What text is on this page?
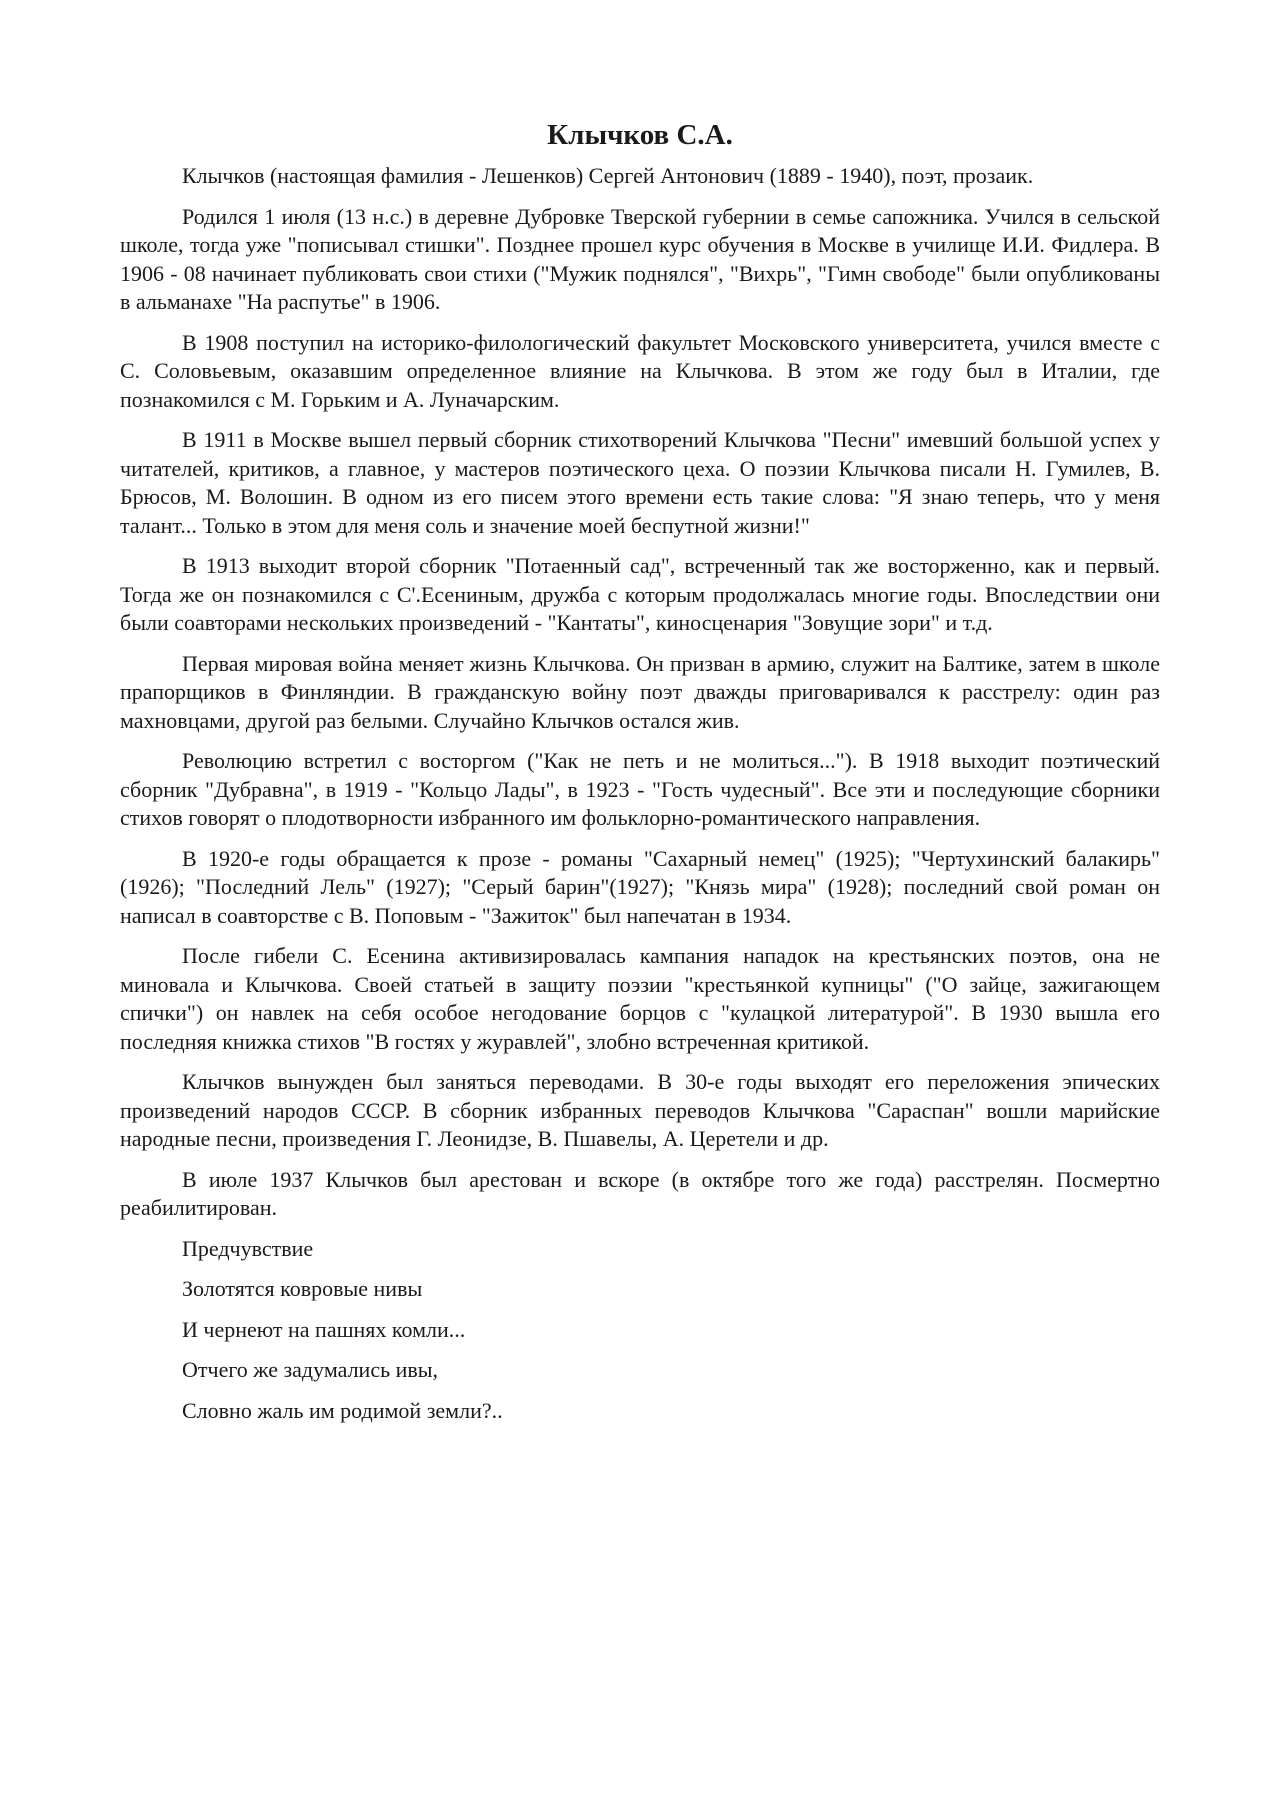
Клычков С.А.

Клычков (настоящая фамилия - Лешенков) Сергей Антонович (1889 - 1940), поэт, прозаик.

Родился 1 июля (13 н.с.) в деревне Дубровке Тверской губернии в семье сапожника. Учился в сельской школе, тогда уже "пописывал стишки". Позднее прошел курс обучения в Москве в училище И.И. Фидлера. В 1906 - 08 начинает публиковать свои стихи ("Мужик поднялся", "Вихрь", "Гимн свободе" были опубликованы в альманахе "На распутье" в 1906.

В 1908 поступил на историко-филологический факультет Московского университета, учился вместе с С. Соловьевым, оказавшим определенное влияние на Клычкова. В этом же году был в Италии, где познакомился с М. Горьким и А. Луначарским.

В 1911 в Москве вышел первый сборник стихотворений Клычкова "Песни" имевший большой успех у читателей, критиков, а главное, у мастеров поэтического цеха. О поэзии Клычкова писали Н. Гумилев, В. Брюсов, М. Волошин. В одном из его писем этого времени есть такие слова: "Я знаю теперь, что у меня талант... Только в этом для меня соль и значение моей беспутной жизни!"

В 1913 выходит второй сборник "Потаенный сад", встреченный так же восторженно, как и первый. Тогда же он познакомился с С'.Есениным, дружба с которым продолжалась многие годы. Впоследствии они были соавторами нескольких произведений - "Кантаты", киносценария "Зовущие зори" и т.д.

Первая мировая война меняет жизнь Клычкова. Он призван в армию, служит на Балтике, затем в школе прапорщиков в Финляндии. В гражданскую войну поэт дважды приговаривался к расстрелу: один раз махновцами, другой раз белыми. Случайно Клычков остался жив.

Революцию встретил с восторгом ("Как не петь и не молиться..."). В 1918 выходит поэтический сборник "Дубравна", в 1919 - "Кольцо Лады", в 1923 - "Гость чудесный". Все эти и последующие сборники стихов говорят о плодотворности избранного им фольклорно-романтического направления.

В 1920-е годы обращается к прозе - романы "Сахарный немец" (1925); "Чертухинский балакирь" (1926); "Последний Лель" (1927); "Серый барин"(1927); "Князь мира" (1928); последний свой роман он написал в соавторстве с В. Поповым - "Зажиток" был напечатан в 1934.

После гибели С. Есенина активизировалась кампания нападок на крестьянских поэтов, она не миновала и Клычкова. Своей статьей в защиту поэзии "крестьянкой купницы" ("О зайце, зажигающем спички") он навлек на себя особое негодование борцов с "кулацкой литературой". В 1930 вышла его последняя книжка стихов "В гостях у журавлей", злобно встреченная критикой.

Клычков вынужден был заняться переводами. В 30-е годы выходят его переложения эпических произведений народов СССР. В сборник избранных переводов Клычкова "Сараспан" вошли марийские народные песни, произведения Г. Леонидзе, В. Пшавелы, А. Церетели и др.

В июле 1937 Клычков был арестован и вскоре (в октябре того же года) расстрелян. Посмертно реабилитирован.

Предчувствие

Золотятся ковровые нивы

И чернеют на пашнях комли...

Отчего же задумались ивы,

Словно жаль им родимой земли?..
